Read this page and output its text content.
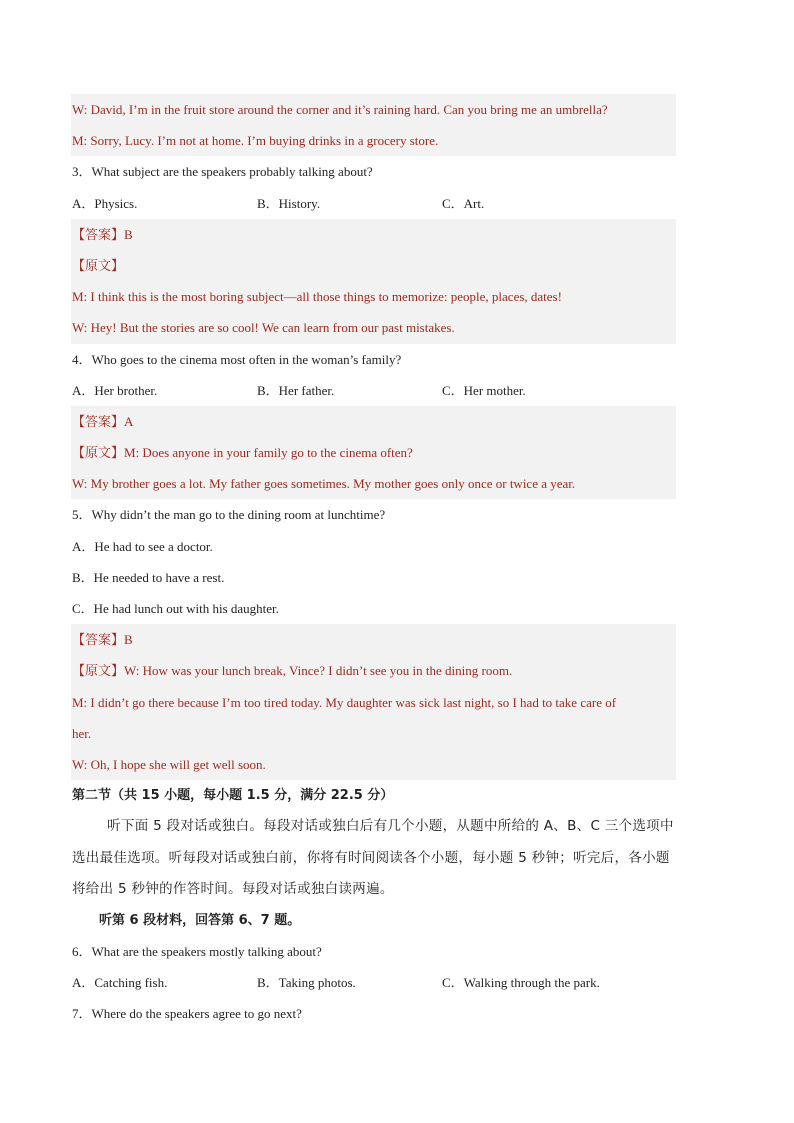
W: David, I’m in the fruit store around the corner and it’s raining hard. Can you bring me an umbrella?
M: Sorry, Lucy. I’m not at home. I’m buying drinks in a grocery store.
3．What subject are the speakers probably talking about?
A．Physics.	B．History.	C．Art.
【答案】B
【原文】
M: I think this is the most boring subject—all those things to memorize: people, places, dates!
W: Hey! But the stories are so cool! We can learn from our past mistakes.
4．Who goes to the cinema most often in the woman’s family?
A．Her brother.	B．Her father.	C．Her mother.
【答案】A
【原文】M: Does anyone in your family go to the cinema often?
W: My brother goes a lot. My father goes sometimes. My mother goes only once or twice a year.
5．Why didn’t the man go to the dining room at lunchtime?
A．He had to see a doctor.
B．He needed to have a rest.
C．He had lunch out with his daughter.
【答案】B
【原文】W: How was your lunch break, Vince? I didn’t see you in the dining room.
M: I didn’t go there because I’m too tired today. My daughter was sick last night, so I had to take care of
her.
W: Oh, I hope she will get well soon.
第二节（共 15 小题，每小题 1.5 分，满分 22.5 分）

听下面 5 段对话或独白。每段对话或独白后有几个小题，从题中所给的 A、B、C 三个选项中选出最佳选项。听每段对话或独白前，你将有时间阅读各个小题，每小题 5 秒钟；听完后，各小题将给出 5 秒钟的作答时间。每段对话或独白读两遍。

听第 6 段材料，回答第 6、7 题。
6．What are the speakers mostly talking about?
A．Catching fish.	B．Taking photos.	C．Walking through the park.
7．Where do the speakers agree to go next?
